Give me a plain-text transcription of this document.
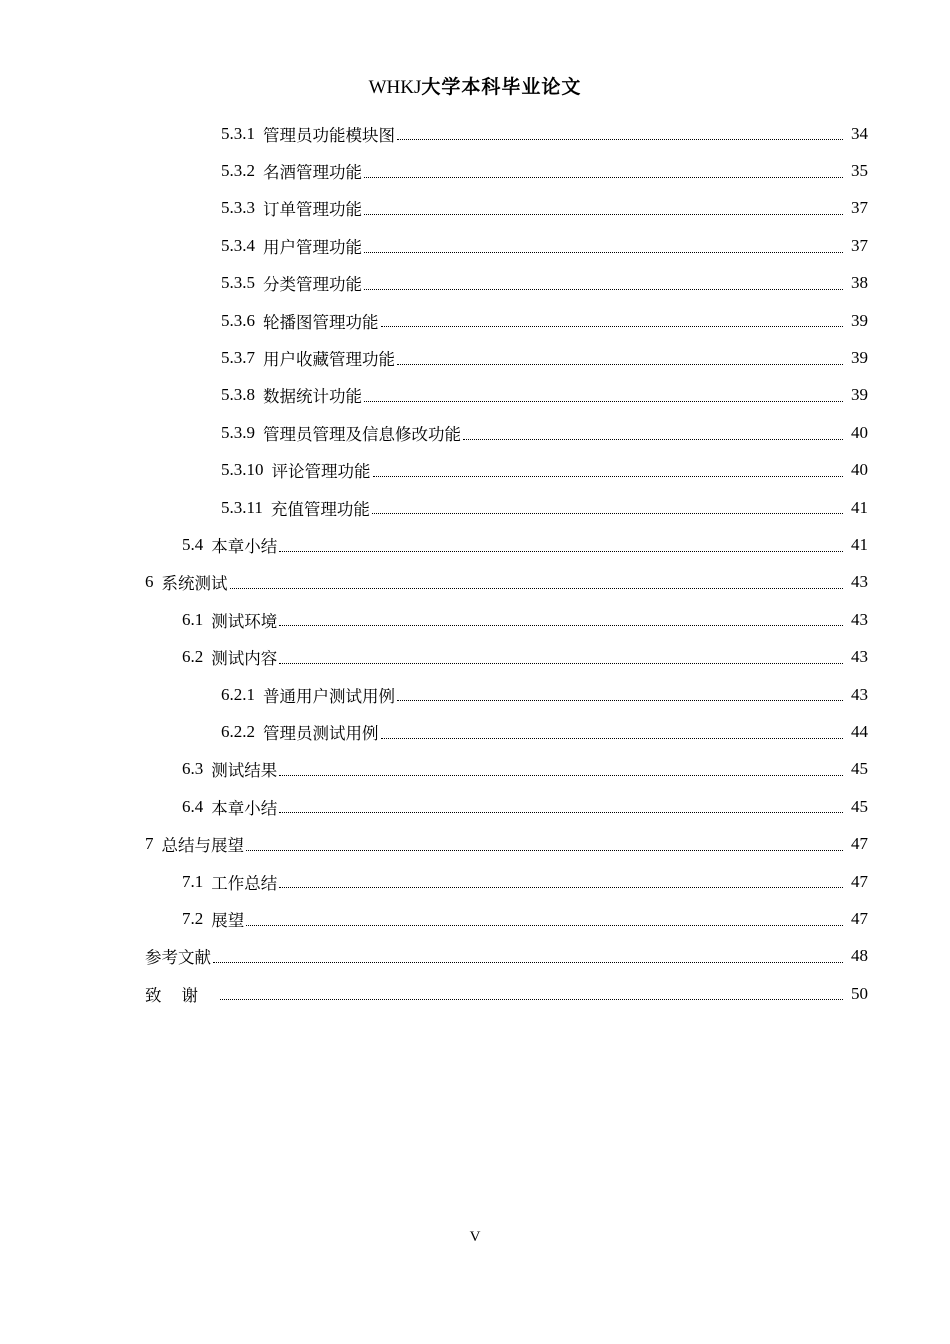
WHKJ大学本科毕业论文
5.3.1 管理员功能模块图	34
5.3.2 名酒管理功能	35
5.3.3 订单管理功能	37
5.3.4 用户管理功能	37
5.3.5 分类管理功能	38
5.3.6 轮播图管理功能	39
5.3.7 用户收藏管理功能	39
5.3.8 数据统计功能	39
5.3.9 管理员管理及信息修改功能	40
5.3.10 评论管理功能	40
5.3.11 充值管理功能	41
5.4 本章小结	41
6 系统测试	43
6.1 测试环境	43
6.2 测试内容	43
6.2.1 普通用户测试用例	43
6.2.2 管理员测试用例	44
6.3 测试结果	45
6.4 本章小结	45
7 总结与展望	47
7.1 工作总结	47
7.2 展望	47
参考文献	48
致谢	50
V
